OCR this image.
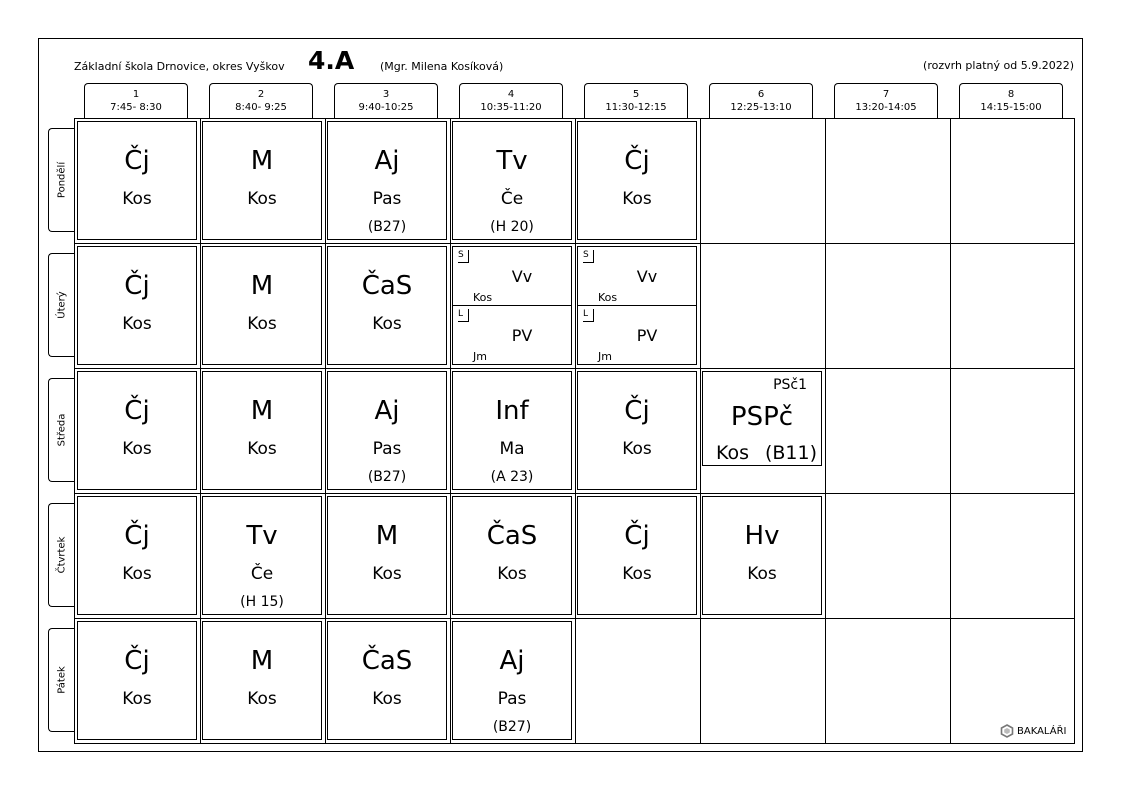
Základní škola Drnovice, okres Vyškov 4.A (Mgr. Milena Kosíková)	(rozvrh platný od 5.9.2022)
1
7:45- 8:30
2
8:40- 9:25
3
9:40-10:25
4
10:35-11:20
5
11:30-12:15
6
12:25-13:10
7
13:20-14:05
8
14:15-15:00
Pondělí
Úterý
Středa
Čtvrtek
Pátek
Čj
Kos
M
Kos
Aj
Pas
(B27)
Tv
Če
(H 20)
Čj
Kos
Čj
Kos
M
Kos
ČaS
Kos
S
Vv
Kos
L
PV
Jm
S
Vv
Kos
L
PV
Jm
Čj
Kos
M
Kos
Aj
Pas
(B27)
Inf
Ma
(A 23)
Čj
Kos
PSč1
PSPč
Kos (B11)
Čj
Kos
Tv
Če
(H 15)
M
Kos
ČaS
Kos
Čj
Kos
Hv
Kos
Čj
Kos
M
Kos
ČaS
Kos
Aj
Pas
(B27)	BAKALÁŘI
